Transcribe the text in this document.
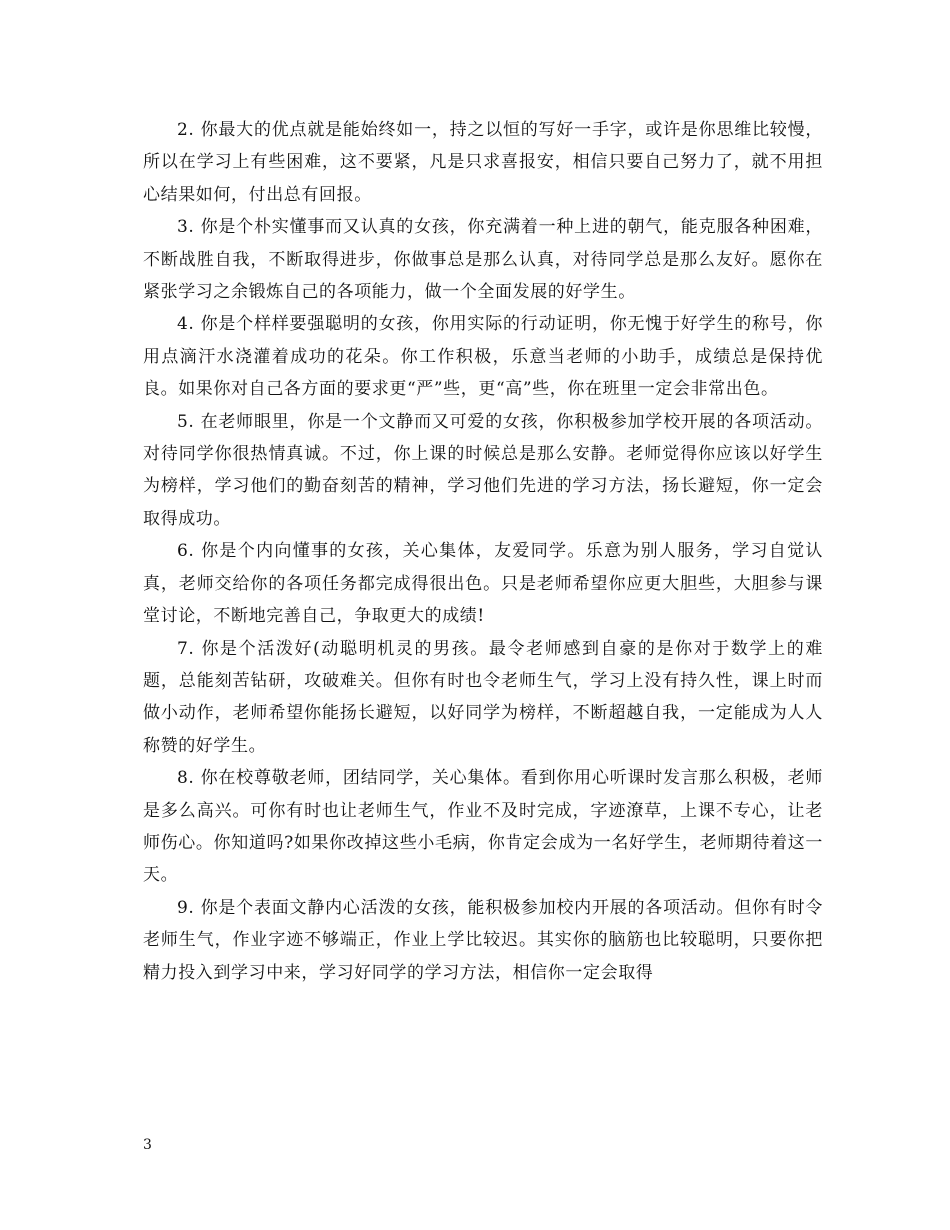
2. 你最大的优点就是能始终如一，持之以恒的写好一手字，或许是你思维比较慢，所以在学习上有些困难，这不要紧，凡是只求喜报安，相信只要自己努力了，就不用担心结果如何，付出总有回报。

3. 你是个朴实懂事而又认真的女孩，你充满着一种上进的朝气，能克服各种困难，不断战胜自我，不断取得进步，你做事总是那么认真，对待同学总是那么友好。愿你在紧张学习之余锻炼自己的各项能力，做一个全面发展的好学生。

4. 你是个样样要强聪明的女孩，你用实际的行动证明，你无愧于好学生的称号，你用点滴汗水浇灌着成功的花朵。你工作积极，乐意当老师的小助手，成绩总是保持优良。如果你对自己各方面的要求更“严”些，更“高”些，你在班里一定会非常出色。

5. 在老师眼里，你是一个文静而又可爱的女孩，你积极参加学校开展的各项活动。对待同学你很热情真诚。不过，你上课的时候总是那么安静。老师觉得你应该以好学生为榜样，学习他们的勤奋刻苦的精神，学习他们先进的学习方法，扬长避短，你一定会取得成功。

6. 你是个内向懂事的女孩，关心集体，友爱同学。乐意为别人服务，学习自觉认真，老师交给你的各项任务都完成得很出色。只是老师希望你应更大胆些，大胆参与课堂讨论，不断地完善自己，争取更大的成绩!

7. 你是个活泼好(动聪明机灵的男孩。最令老师感到自豪的是你对于数学上的难题，总能刻苦钻研，攻破难关。但你有时也令老师生气，学习上没有持久性，课上时而做小动作，老师希望你能扬长避短，以好同学为榜样，不断超越自我，一定能成为人人称赞的好学生。

8. 你在校尊敬老师，团结同学，关心集体。看到你用心听课时发言那么积极，老师是多么高兴。可你有时也让老师生气，作业不及时完成，字迹潦草，上课不专心，让老师伤心。你知道吗?如果你改掉这些小毛病，你肯定会成为一名好学生，老师期待着这一天。

9. 你是个表面文静内心活泼的女孩，能积极参加校内开展的各项活动。但你有时令老师生气，作业字迹不够端正，作业上学比较迟。其实你的脑筋也比较聪明，只要你把精力投入到学习中来，学习好同学的学习方法，相信你一定会取得

3
